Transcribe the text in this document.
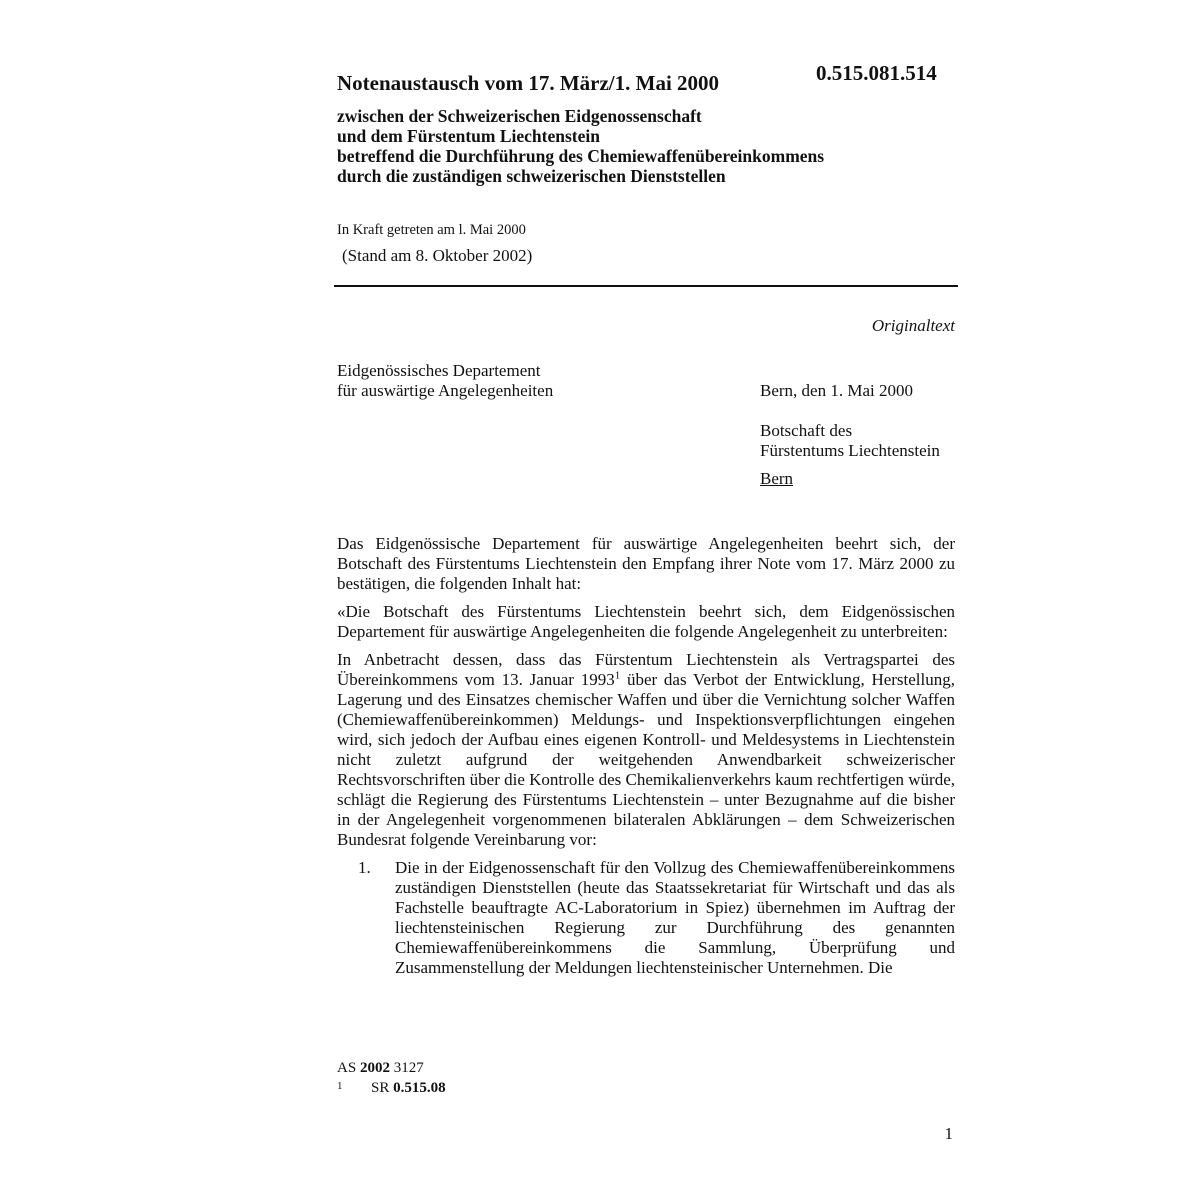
Notenaustausch vom 17. März/1. Mai 2000	0.515.081.514
zwischen der Schweizerischen Eidgenossenschaft
und dem Fürstentum Liechtenstein
betreffend die Durchführung des Chemiewaffenübereinkommens
durch die zuständigen schweizerischen Dienststellen
In Kraft getreten am l. Mai 2000
(Stand am 8. Oktober 2002)
Originaltext
Eidgenössisches Departement
für auswärtige Angelegenheiten	Bern, den 1. Mai 2000
Botschaft des
Fürstentums Liechtenstein
Bern

Das Eidgenössische Departement für auswärtige Angelegenheiten beehrt sich, der Botschaft des Fürstentums Liechtenstein den Empfang ihrer Note vom 17. März 2000 zu bestätigen, die folgenden Inhalt hat:

«Die Botschaft des Fürstentums Liechtenstein beehrt sich, dem Eidgenössischen Departement für auswärtige Angelegenheiten die folgende Angelegenheit zu unterbreiten:

In Anbetracht dessen, dass das Fürstentum Liechtenstein als Vertragspartei des Übereinkommens vom 13. Januar 1993$^1$ über das Verbot der Entwicklung, Herstellung, Lagerung und des Einsatzes chemischer Waffen und über die Vernichtung solcher Waffen (Chemiewaffenübereinkommen) Meldungs- und Inspektionsverpflichtungen eingehen wird, sich jedoch der Aufbau eines eigenen Kontroll- und Meldesystems in Liechtenstein nicht zuletzt aufgrund der weitgehenden Anwendbarkeit schweizerischer Rechtsvorschriften über die Kontrolle des Chemikalienverkehrs kaum rechtfertigen würde, schlägt die Regierung des Fürstentums Liechtenstein – unter Bezugnahme auf die bisher in der Angelegenheit vorgenommenen bilateralen Abklärungen – dem Schweizerischen Bundesrat folgende Vereinbarung vor:

1.	Die in der Eidgenossenschaft für den Vollzug des Chemiewaffenübereinkommens zuständigen Dienststellen (heute das Staatssekretariat für Wirtschaft und das als Fachstelle beauftragte AC-Laboratorium in Spiez) übernehmen im Auftrag der liechtensteinischen Regierung zur Durchführung des genannten Chemiewaffenübereinkommens die Sammlung, Überprüfung und Zusammenstellung der Meldungen liechtensteinischer Unternehmen. Die
AS 2002 3127
1 SR 0.515.08
1
